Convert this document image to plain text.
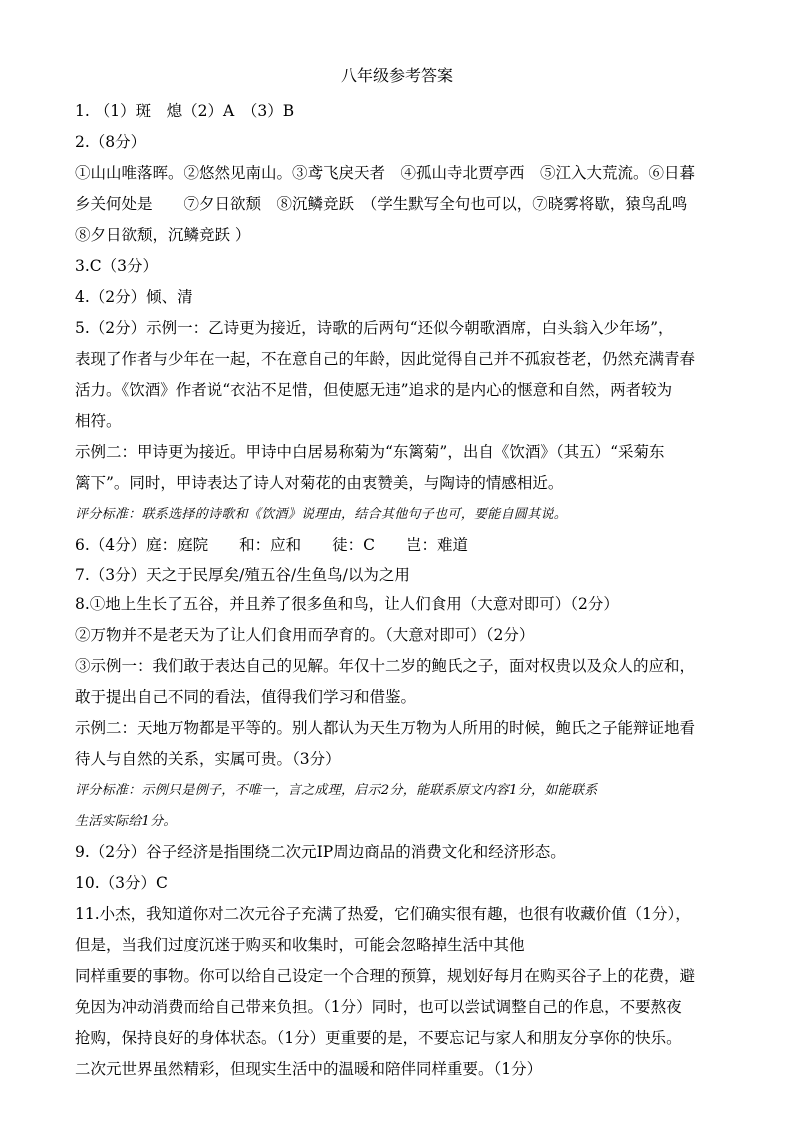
八年级参考答案
1. （1）斑　熄（2）A　（3）B
2.（8分）
①山山唯落晖。②悠然见南山。③鸢飞戾天者　④孤山寺北贾亭西　⑤江入大荒流。⑥日暮
乡关何处是　　⑦夕日欲颓　⑧沉鳞竞跃　（学生默写全句也可以，⑦晓雾将歇，猿鸟乱鸣
⑧夕日欲颓，沉鳞竞跃 ）
3.C（3分）
4.（2分）倾、清
5.（2分）示例一：乙诗更为接近，诗歌的后两句“还似今朝歌酒席，白头翁入少年场”，
表现了作者与少年在一起，不在意自己的年龄，因此觉得自己并不孤寂苍老，仍然充满青春
活力。《饮酒》作者说“衣沾不足惜，但使愿无违”追求的是内心的惬意和自然，两者较为
相符。
示例二：甲诗更为接近。甲诗中白居易称菊为“东篱菊”，出自《饮酒》（其五）“采菊东
篱下”。同时，甲诗表达了诗人对菊花的由衷赞美，与陶诗的情感相近。
评分标准：联系选择的诗歌和《饮酒》说理由，结合其他句子也可，要能自圆其说。
6.（4分）庭：庭院　　和：应和　　徒：C　　岂：难道
7.（3分）天之于民厚矣/殖五谷/生鱼鸟/以为之用
8.①地上生长了五谷，并且养了很多鱼和鸟，让人们食用（大意对即可）（2分）
②万物并不是老天为了让人们食用而孕育的。（大意对即可）（2分）
③示例一：我们敢于表达自己的见解。年仅十二岁的鲍氏之子，面对权贵以及众人的应和，
敢于提出自己不同的看法，值得我们学习和借鉴。
示例二：天地万物都是平等的。别人都认为天生万物为人所用的时候，鲍氏之子能辩证地看
待人与自然的关系，实属可贵。（3分）
评分标准：示例只是例子，不唯一，言之成理，启示2分，能联系原文内容1分，如能联系
生活实际给1分。
9.（2分）谷子经济是指围绕二次元IP周边商品的消费文化和经济形态。
10.（3分）C
11.小杰，我知道你对二次元谷子充满了热爱，它们确实很有趣，也很有收藏价值（1分），
但是，当我们过度沉迷于购买和收集时，可能会忽略掉生活中其他
同样重要的事物。你可以给自己设定一个合理的预算，规划好每月在购买谷子上的花费，避
免因为冲动消费而给自己带来负担。（1分）同时，也可以尝试调整自己的作息，不要熬夜
抢购，保持良好的身体状态。（1分）更重要的是，不要忘记与家人和朋友分享你的快乐。
二次元世界虽然精彩，但现实生活中的温暖和陪伴同样重要。（1分）
